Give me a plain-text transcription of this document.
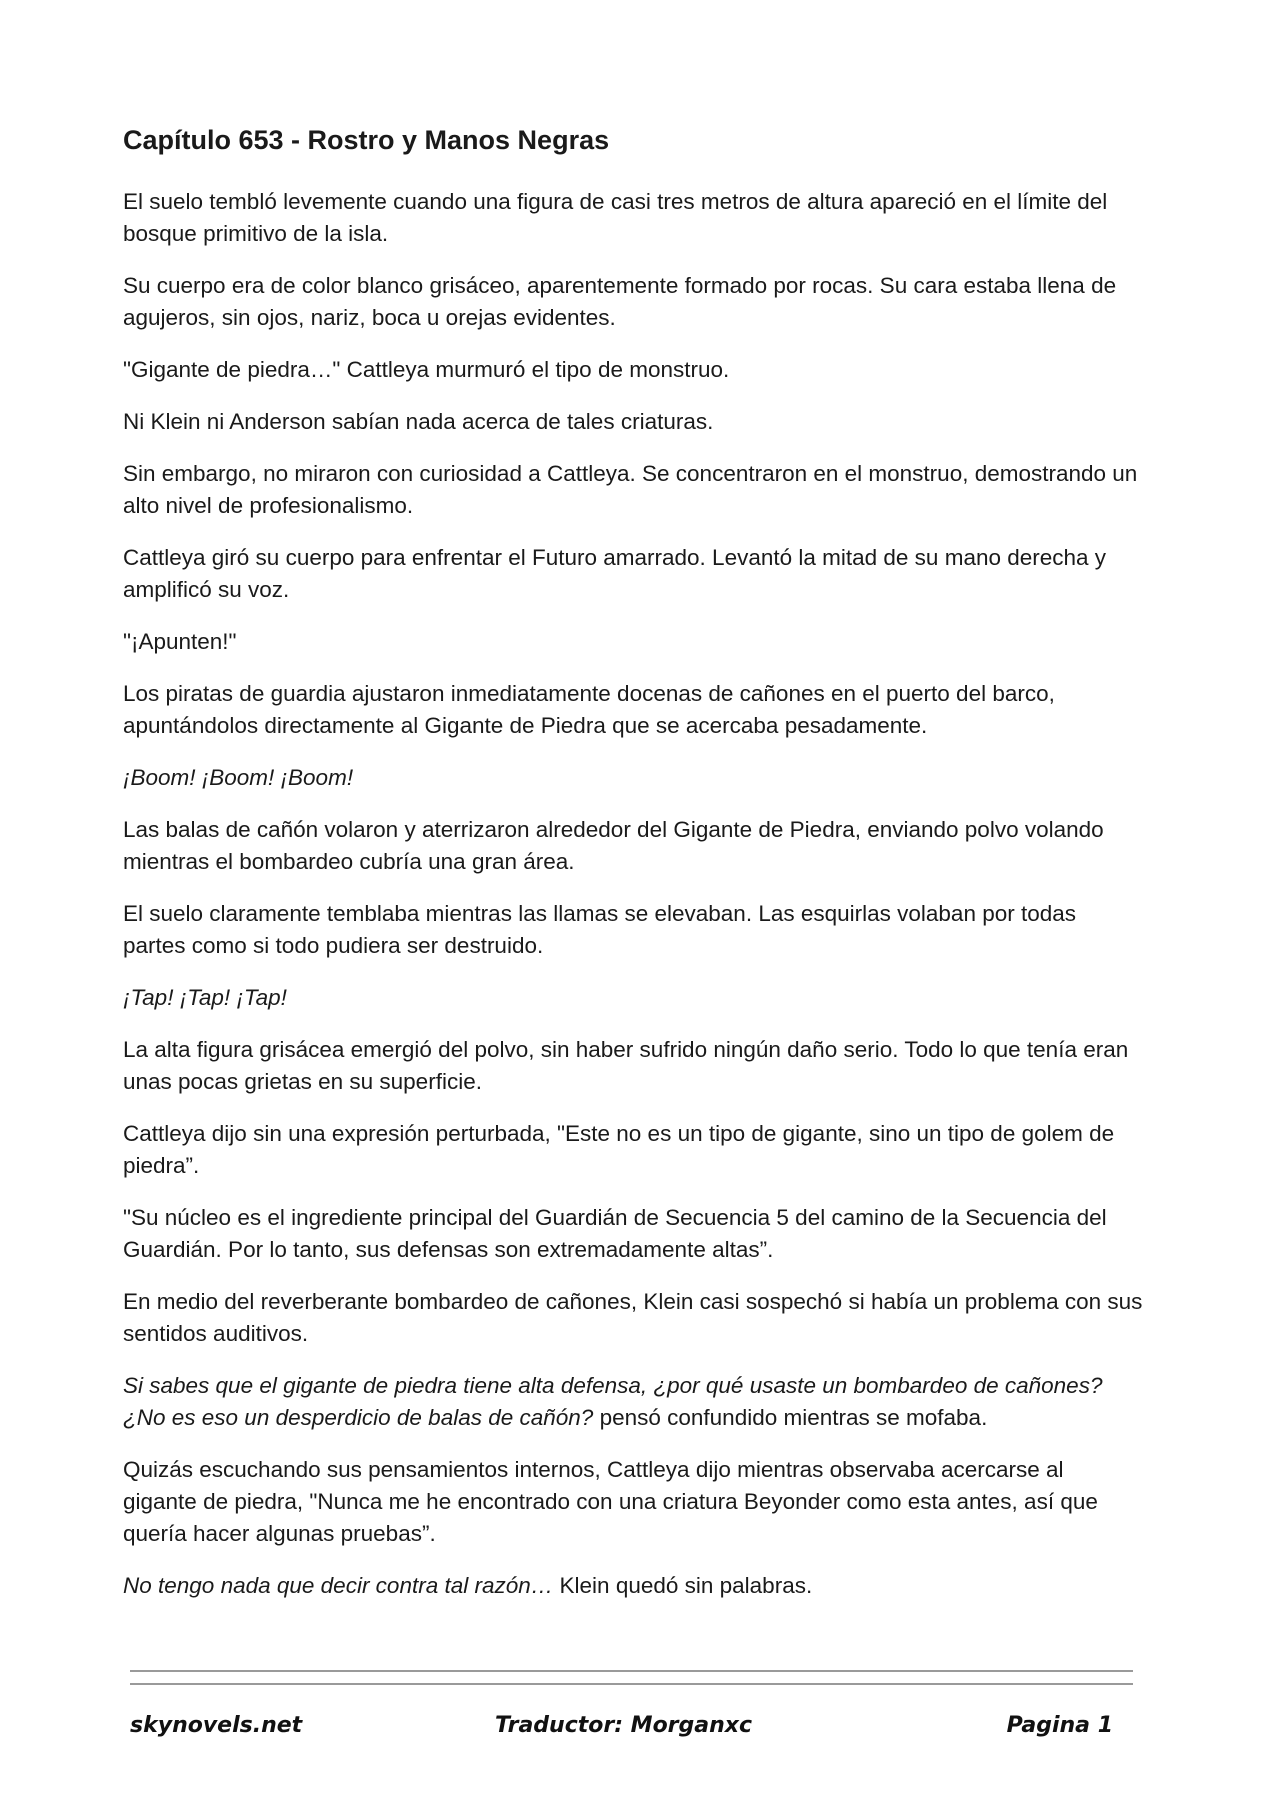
Capítulo 653 - Rostro y Manos Negras

El suelo tembló levemente cuando una figura de casi tres metros de altura apareció en el límite del bosque primitivo de la isla.

Su cuerpo era de color blanco grisáceo, aparentemente formado por rocas. Su cara estaba llena de agujeros, sin ojos, nariz, boca u orejas evidentes.

"Gigante de piedra…" Cattleya murmuró el tipo de monstruo.

Ni Klein ni Anderson sabían nada acerca de tales criaturas.

Sin embargo, no miraron con curiosidad a Cattleya. Se concentraron en el monstruo, demostrando un alto nivel de profesionalismo.

Cattleya giró su cuerpo para enfrentar el Futuro amarrado. Levantó la mitad de su mano derecha y amplificó su voz.

"¡Apunten!"

Los piratas de guardia ajustaron inmediatamente docenas de cañones en el puerto del barco, apuntándolos directamente al Gigante de Piedra que se acercaba pesadamente.

¡Boom! ¡Boom! ¡Boom!

Las balas de cañón volaron y aterrizaron alrededor del Gigante de Piedra, enviando polvo volando mientras el bombardeo cubría una gran área.

El suelo claramente temblaba mientras las llamas se elevaban. Las esquirlas volaban por todas partes como si todo pudiera ser destruido.

¡Tap! ¡Tap! ¡Tap!

La alta figura grisácea emergió del polvo, sin haber sufrido ningún daño serio. Todo lo que tenía eran unas pocas grietas en su superficie.

Cattleya dijo sin una expresión perturbada, "Este no es un tipo de gigante, sino un tipo de golem de piedra”.

"Su núcleo es el ingrediente principal del Guardián de Secuencia 5 del camino de la Secuencia del Guardián. Por lo tanto, sus defensas son extremadamente altas”.

En medio del reverberante bombardeo de cañones, Klein casi sospechó si había un problema con sus sentidos auditivos.

Si sabes que el gigante de piedra tiene alta defensa, ¿por qué usaste un bombardeo de cañones? ¿No es eso un desperdicio de balas de cañón? pensó confundido mientras se mofaba.

Quizás escuchando sus pensamientos internos, Cattleya dijo mientras observaba acercarse al gigante de piedra, "Nunca me he encontrado con una criatura Beyonder como esta antes, así que quería hacer algunas pruebas”.

No tengo nada que decir contra tal razón… Klein quedó sin palabras.

skynovels.net	Traductor: Morganxc	Pagina 1
